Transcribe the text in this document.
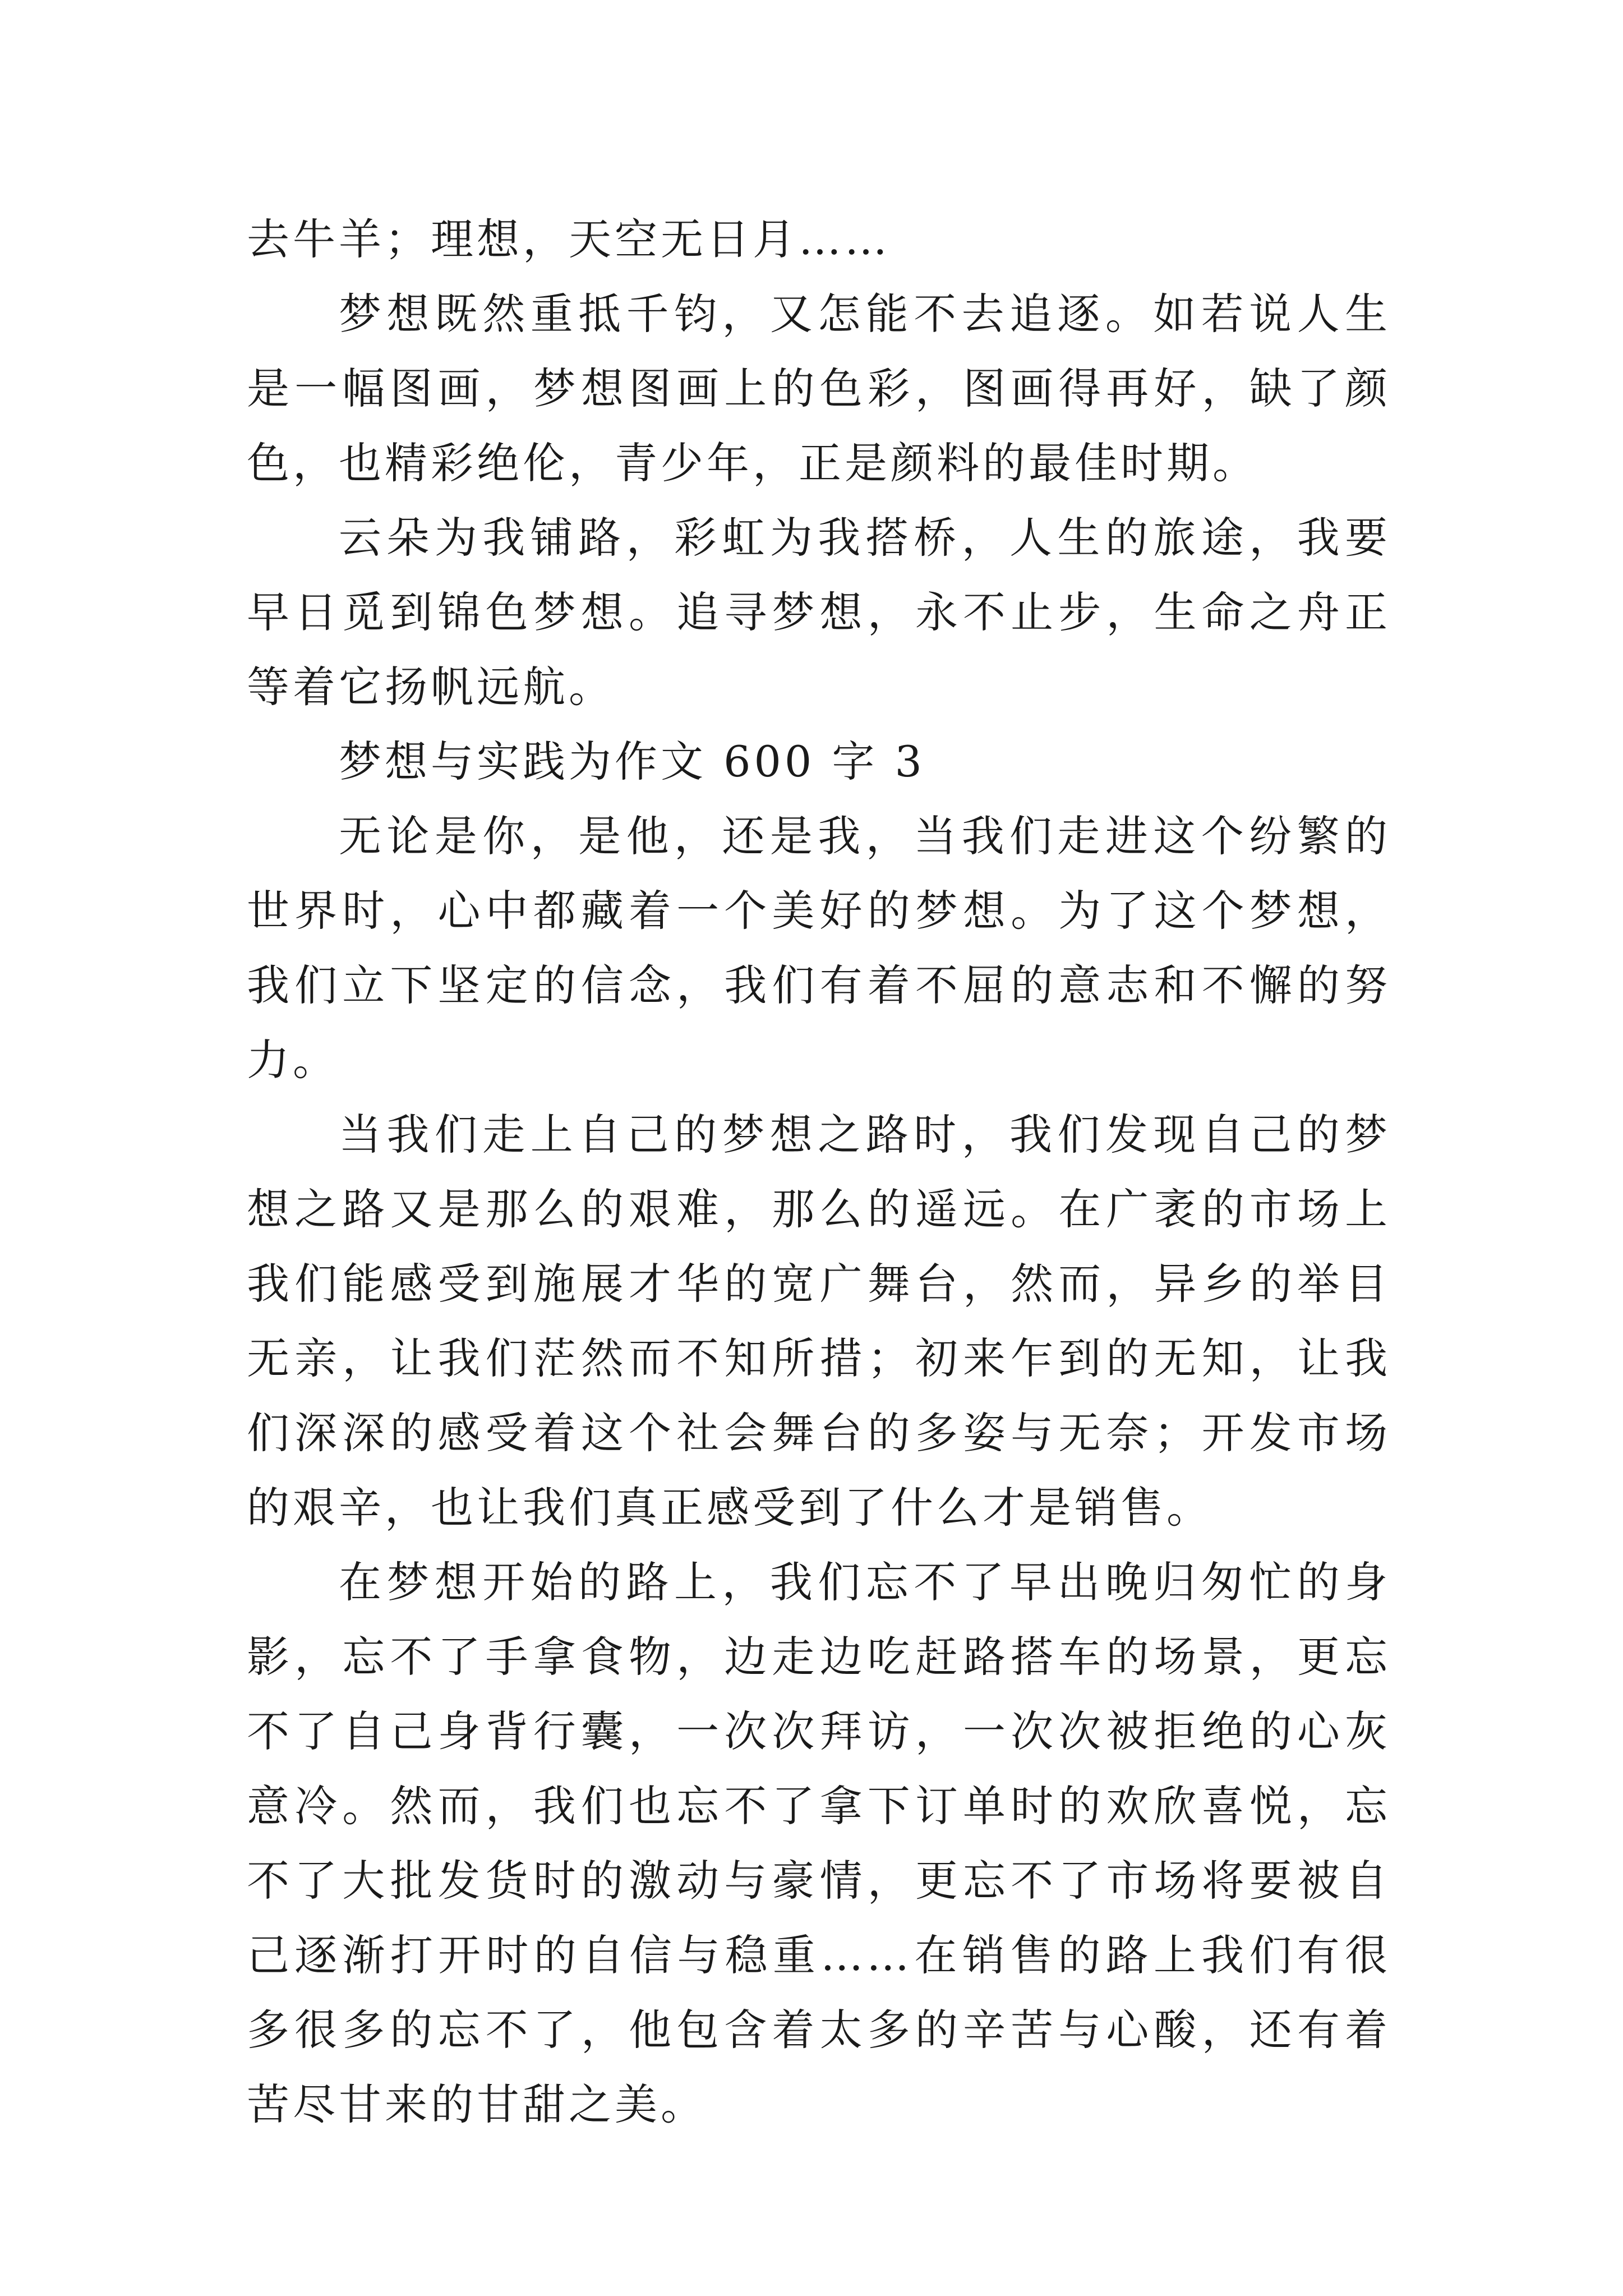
去牛羊；理想，天空无日月……

梦想既然重抵千钧，又怎能不去追逐。如若说人生是一幅图画，梦想图画上的色彩，图画得再好，缺了颜色，也精彩绝伦，青少年，正是颜料的最佳时期。

云朵为我铺路，彩虹为我搭桥，人生的旅途，我要早日觅到锦色梦想。追寻梦想，永不止步，生命之舟正等着它扬帆远航。

梦想与实践为作文 600 字 3

无论是你，是他，还是我，当我们走进这个纷繁的世界时，心中都藏着一个美好的梦想。为了这个梦想，我们立下坚定的信念，我们有着不屈的意志和不懈的努力。

当我们走上自己的梦想之路时，我们发现自己的梦想之路又是那么的艰难，那么的遥远。在广袤的市场上我们能感受到施展才华的宽广舞台，然而，异乡的举目无亲，让我们茫然而不知所措；初来乍到的无知，让我们深深的感受着这个社会舞台的多姿与无奈；开发市场的艰辛，也让我们真正感受到了什么才是销售。

在梦想开始的路上，我们忘不了早出晚归匆忙的身影，忘不了手拿食物，边走边吃赶路搭车的场景，更忘不了自己身背行囊，一次次拜访，一次次被拒绝的心灰意冷。然而，我们也忘不了拿下订单时的欢欣喜悦，忘不了大批发货时的激动与豪情，更忘不了市场将要被自己逐渐打开时的自信与稳重……在销售的路上我们有很多很多的忘不了，他包含着太多的辛苦与心酸，还有着苦尽甘来的甘甜之美。
